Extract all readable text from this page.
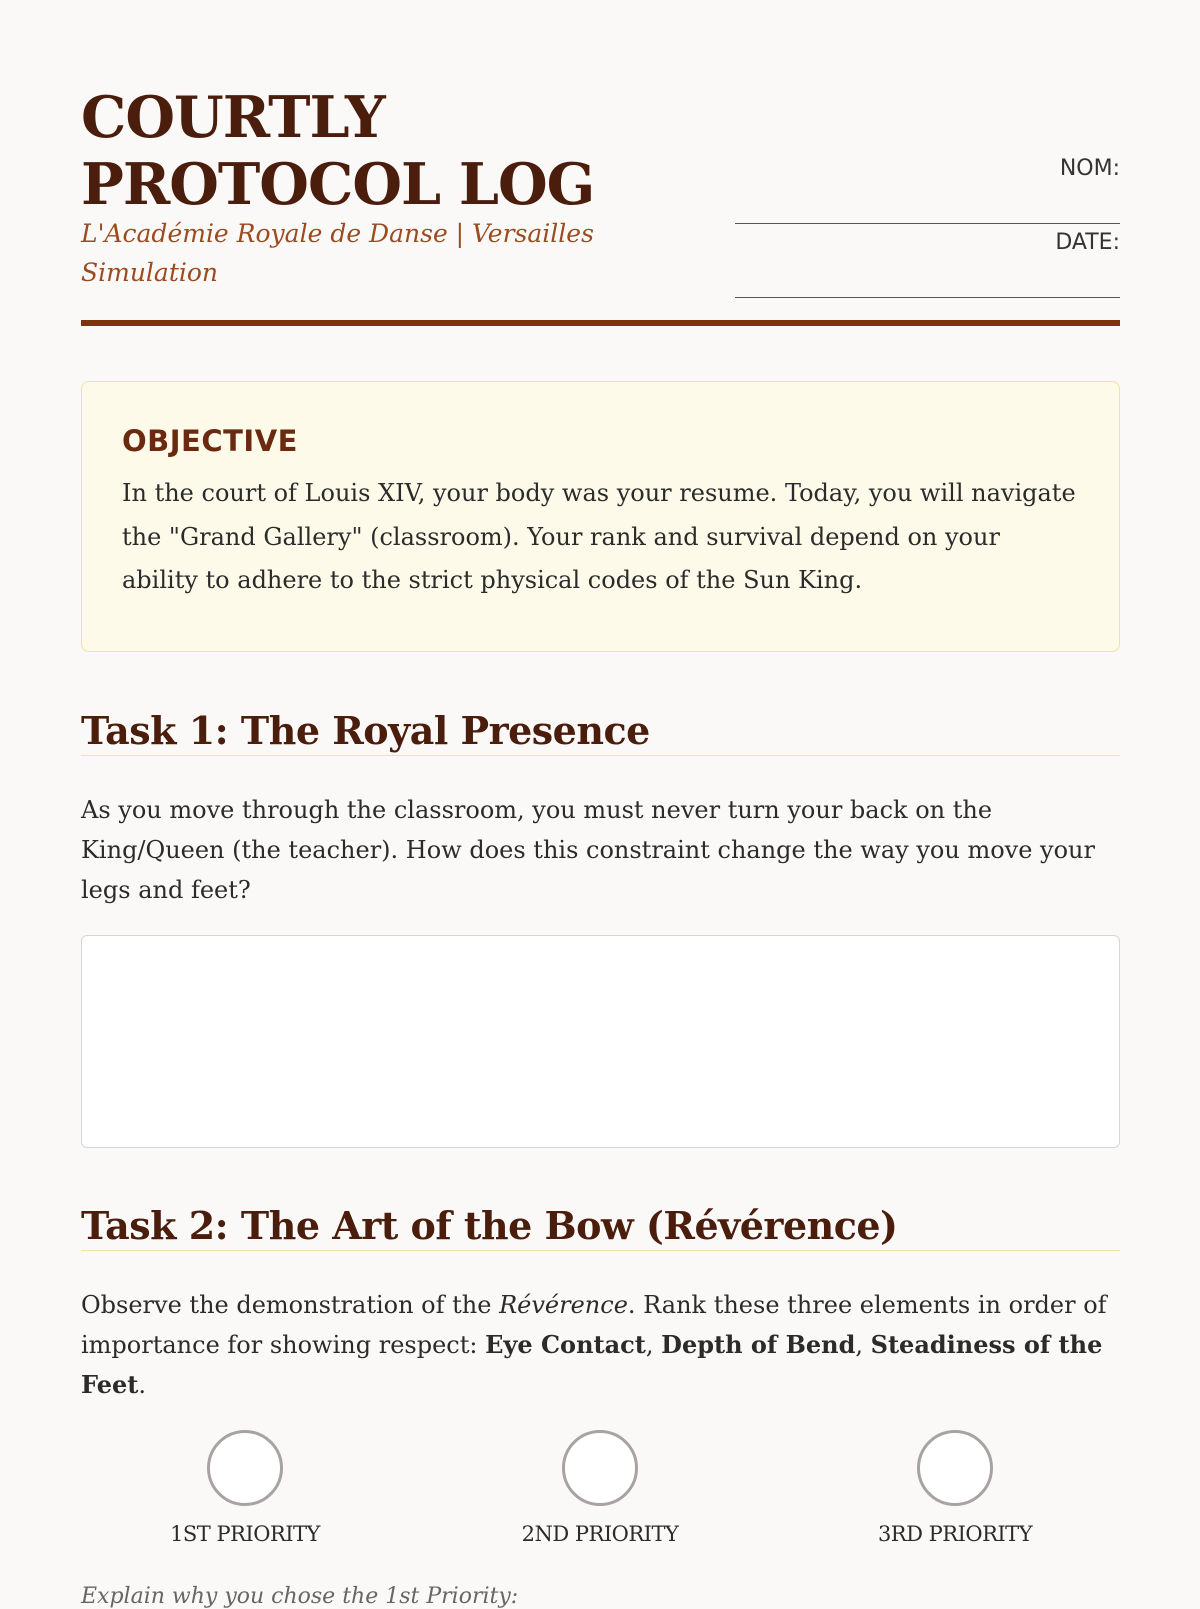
COURTLY PROTOCOL LOG
L'Académie Royale de Danse | Versailles Simulation
NOM:
DATE:
OBJECTIVE
In the court of Louis XIV, your body was your resume. Today, you will navigate the "Grand Gallery" (classroom). Your rank and survival depend on your ability to adhere to the strict physical codes of the Sun King.
Task 1: The Royal Presence
As you move through the classroom, you must never turn your back on the King/Queen (the teacher). How does this constraint change the way you move your legs and feet?
Task 2: The Art of the Bow (Révérence)
Observe the demonstration of the Révérence. Rank these three elements in order of importance for showing respect: Eye Contact, Depth of Bend, Steadiness of the Feet.
1ST PRIORITY	2ND PRIORITY	3RD PRIORITY
Explain why you chose the 1st Priority:
